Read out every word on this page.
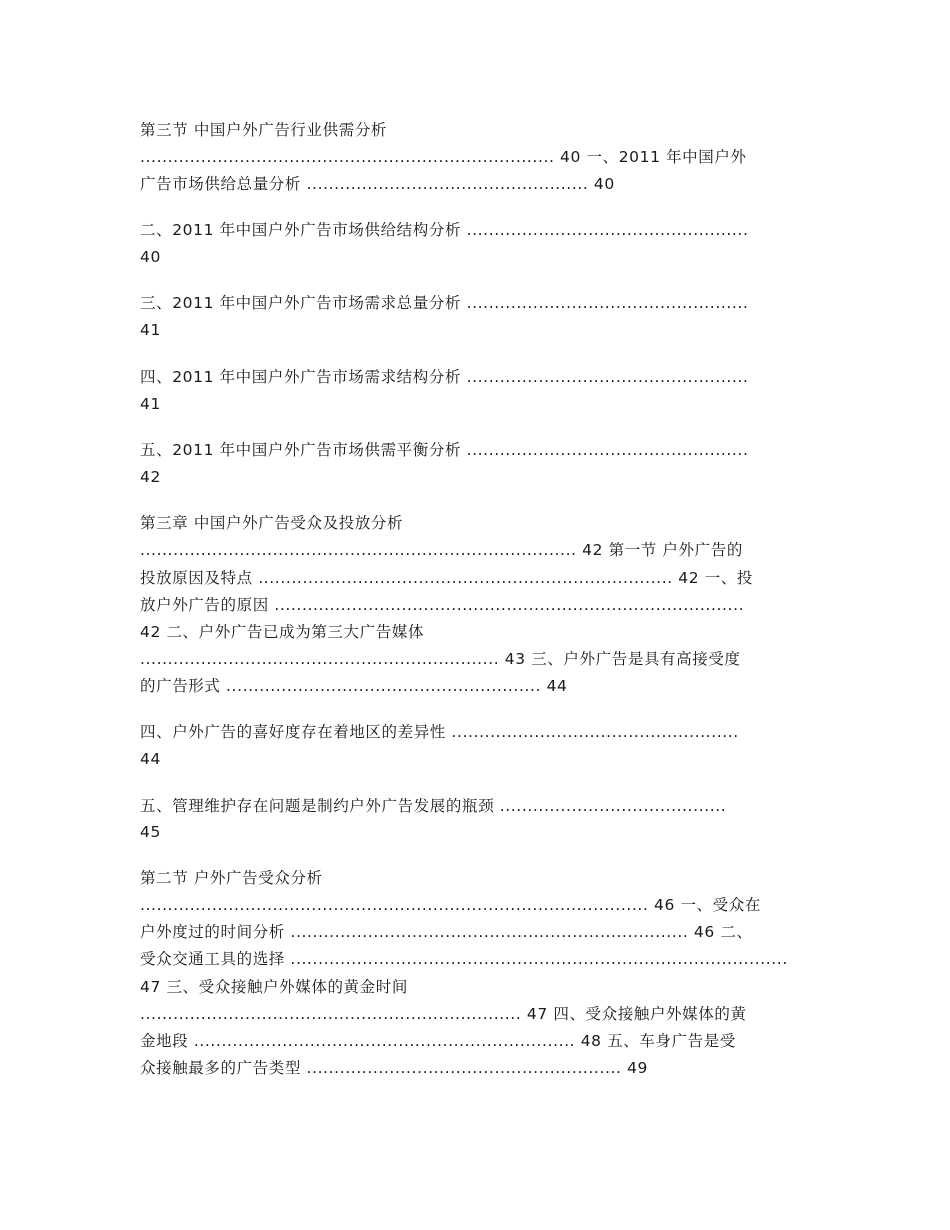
第三节 中国户外广告行业供需分析
........................................................................... 40 一、2011 年中国户外
广告市场供给总量分析 ................................................... 40
二、2011 年中国户外广告市场供给结构分析 ...................................................
40
三、2011 年中国户外广告市场需求总量分析 ...................................................
41
四、2011 年中国户外广告市场需求结构分析 ...................................................
41
五、2011 年中国户外广告市场供需平衡分析 ...................................................
42
第三章 中国户外广告受众及投放分析
............................................................................... 42 第一节 户外广告的
投放原因及特点 ........................................................................... 42 一、投
放户外广告的原因 .....................................................................................
42 二、户外广告已成为第三大广告媒体
................................................................. 43 三、户外广告是具有高接受度
的广告形式 ......................................................... 44
四、户外广告的喜好度存在着地区的差异性 ....................................................
44
五、管理维护存在问题是制约户外广告发展的瓶颈 .........................................
45
第二节 户外广告受众分析
............................................................................................ 46 一、受众在
户外度过的时间分析 ........................................................................ 46 二、
受众交通工具的选择 ..........................................................................................
47 三、受众接触户外媒体的黄金时间
..................................................................... 47 四、受众接触户外媒体的黄
金地段 ..................................................................... 48 五、车身广告是受
众接触最多的广告类型 ......................................................... 49
